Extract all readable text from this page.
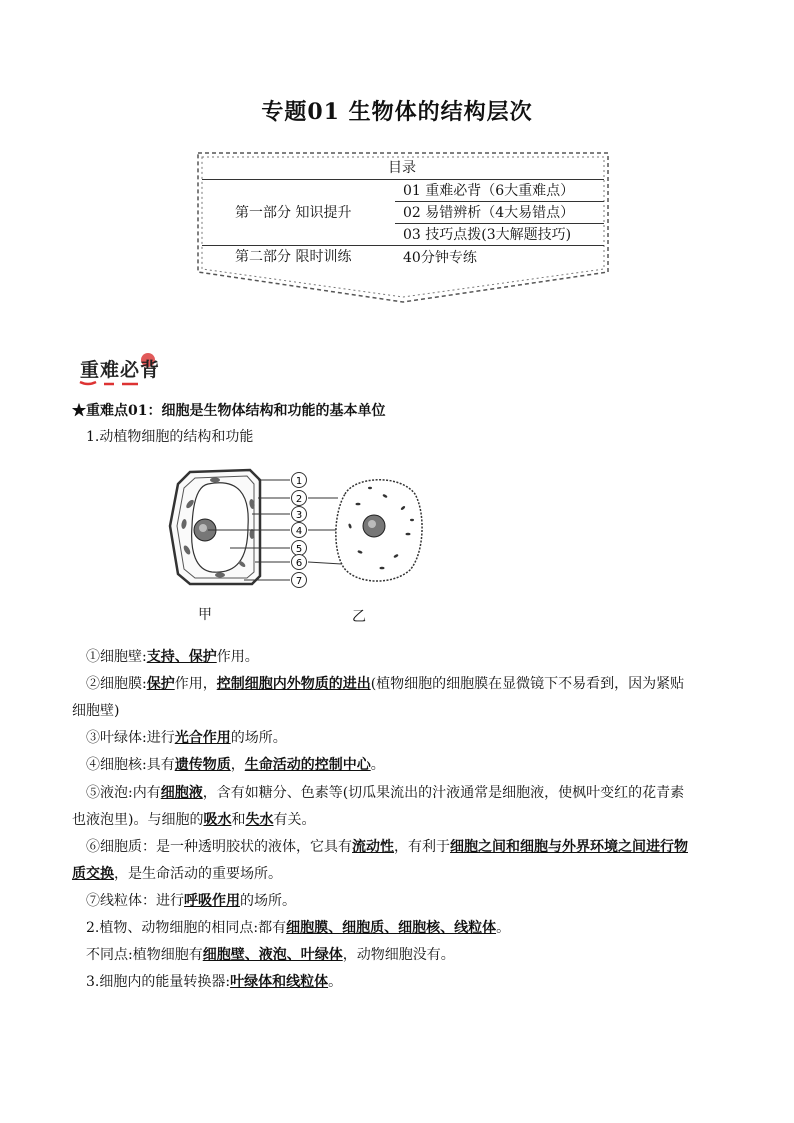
专题01 生物体的结构层次
目录
第一部分 知识提升
01 重难必背（6大重难点）
02 易错辨析（4大易错点）
03 技巧点拨(3大解题技巧)
第二部分 限时训练	40分钟专练
重难必背
★重难点01：细胞是生物体结构和功能的基本单位
1.动植物细胞的结构和功能
1
2
3
4
5
6
7
甲	乙
①细胞壁:支持、保护作用。
②细胞膜:保护作用，控制细胞内外物质的进出(植物细胞的细胞膜在显微镜下不易看到，因为紧贴
细胞壁)
③叶绿体:进行光合作用的场所。
④细胞核:具有遗传物质，生命活动的控制中心。
⑤液泡:内有细胞液，含有如糖分、色素等(切瓜果流出的汁液通常是细胞液，使枫叶变红的花青素
也液泡里)。与细胞的吸水和失水有关。
⑥细胞质：是一种透明胶状的液体，它具有流动性，有利于细胞之间和细胞与外界环境之间进行物
质交换，是生命活动的重要场所。
⑦线粒体：进行呼吸作用的场所。
2.植物、动物细胞的相同点:都有细胞膜、细胞质、细胞核、线粒体。
不同点:植物细胞有细胞壁、液泡、叶绿体，动物细胞没有。
3.细胞内的能量转换器:叶绿体和线粒体。
